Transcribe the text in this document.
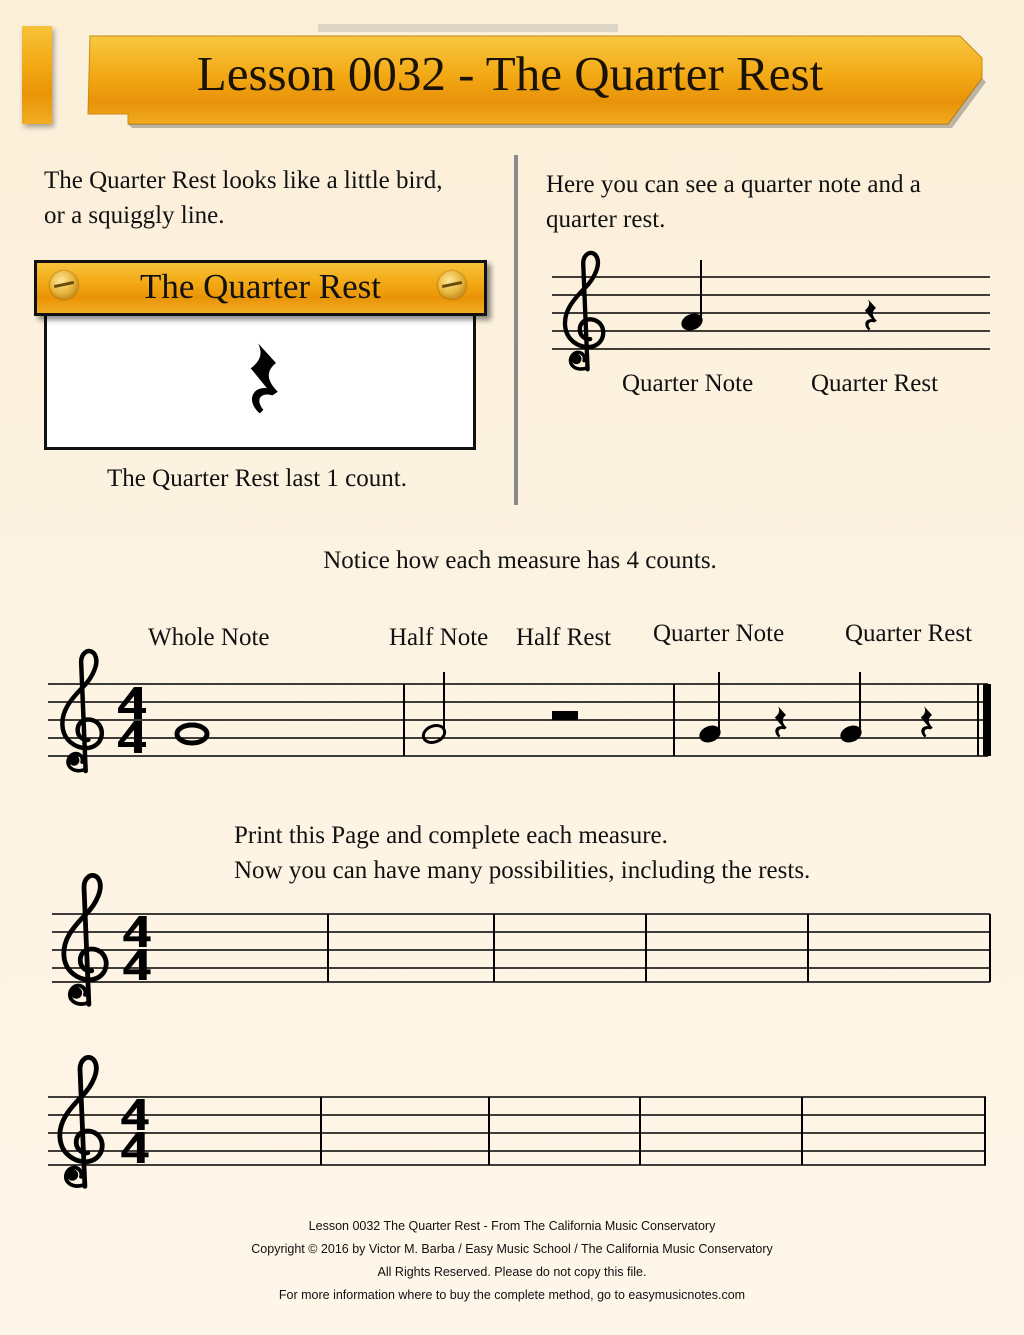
Lesson 0032 - The Quarter Rest
The Quarter Rest looks like a little bird,
or a squiggly line.
The Quarter Rest
The Quarter Rest last 1 count.
Here you can see a quarter note and a
quarter rest.
Quarter Note Quarter Rest
Notice how each measure has 4 counts.
Whole Note	Half Note Half Rest Quarter Note Quarter Rest
Print this Page and complete each measure.
Now you can have many possibilities, including the rests.
Lesson 0032 The Quarter Rest - From The California Music Conservatory
Copyright © 2016 by Victor M. Barba / Easy Music School / The California Music Conservatory
All Rights Reserved. Please do not copy this file.
For more information where to buy the complete method, go to easymusicnotes.com
